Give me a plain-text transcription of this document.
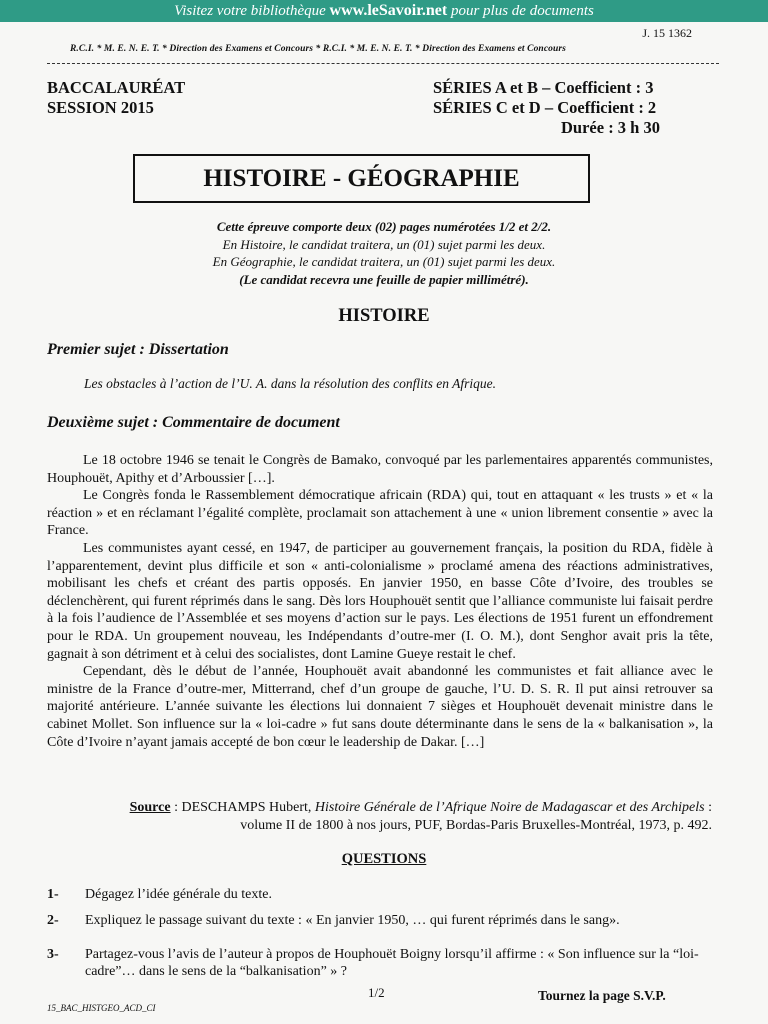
Visitez votre bibliothèque www.leSavoir.net pour plus de documents
J. 15 1362
R.C.I. * M. E. N. E. T. * Direction des Examens et Concours * R.C.I. * M. E. N. E. T. * Direction des Examens et Concours
BACCALAURÉAT
SESSION 2015
SÉRIES A et B – Coefficient : 3
SÉRIES C et D – Coefficient : 2
Durée : 3 h 30
HISTOIRE - GÉOGRAPHIE
Cette épreuve comporte deux (02) pages numérotées 1/2 et 2/2.
En Histoire, le candidat traitera, un (01) sujet parmi les deux.
En Géographie, le candidat traitera, un (01) sujet parmi les deux.
(Le candidat recevra une feuille de papier millimétré).
HISTOIRE
Premier sujet : Dissertation
Les obstacles à l’action de l’U. A. dans la résolution des conflits en Afrique.
Deuxième sujet : Commentaire de document

Le 18 octobre 1946 se tenait le Congrès de Bamako, convoqué par les parlementaires apparentés communistes, Houphouët, Apithy et d’Arboussier […].

Le Congrès fonda le Rassemblement démocratique africain (RDA) qui, tout en attaquant « les trusts » et « la réaction » et en réclamant l’égalité complète, proclamait son attachement à une « union librement consentie » avec la France.

Les communistes ayant cessé, en 1947, de participer au gouvernement français, la position du RDA, fidèle à l’apparentement, devint plus difficile et son « anti-colonialisme » proclamé amena des réactions administratives, mobilisant les chefs et créant des partis opposés. En janvier 1950, en basse Côte d’Ivoire, des troubles se déclenchèrent, qui furent réprimés dans le sang. Dès lors Houphouët sentit que l’alliance communiste lui faisait perdre à la fois l’audience de l’Assemblée et ses moyens d’action sur le pays. Les élections de 1951 furent un effondrement pour le RDA. Un groupement nouveau, les Indépendants d’outre-mer (I. O. M.), dont Senghor avait pris la tête, gagnait à son détriment et à celui des socialistes, dont Lamine Gueye restait le chef.

Cependant, dès le début de l’année, Houphouët avait abandonné les communistes et fait alliance avec le ministre de la France d’outre-mer, Mitterrand, chef d’un groupe de gauche, l’U. D. S. R. Il put ainsi retrouver sa majorité antérieure. L’année suivante les élections lui donnaient 7 sièges et Houphouët devenait ministre dans le cabinet Mollet. Son influence sur la « loi-cadre » fut sans doute déterminante dans le sens de la « balkanisation », la Côte d’Ivoire n’ayant jamais accepté de bon cœur le leadership de Dakar. […]

Source : DESCHAMPS Hubert, Histoire Générale de l’Afrique Noire de Madagascar et des Archipels :
volume II de 1800 à nos jours, PUF, Bordas-Paris Bruxelles-Montréal, 1973, p. 492.
QUESTIONS
1- Dégagez l’idée générale du texte.
2- Expliquez le passage suivant du texte : « En janvier 1950, … qui furent réprimés dans le sang».
3- Partagez-vous l’avis de l’auteur à propos de Houphouët Boigny lorsqu’il affirme : « Son influence sur la “loi-cadre”… dans le sens de la “balkanisation” » ?
1/2	Tournez la page S.V.P.
15_BAC_HISTGEO_ACD_CI
